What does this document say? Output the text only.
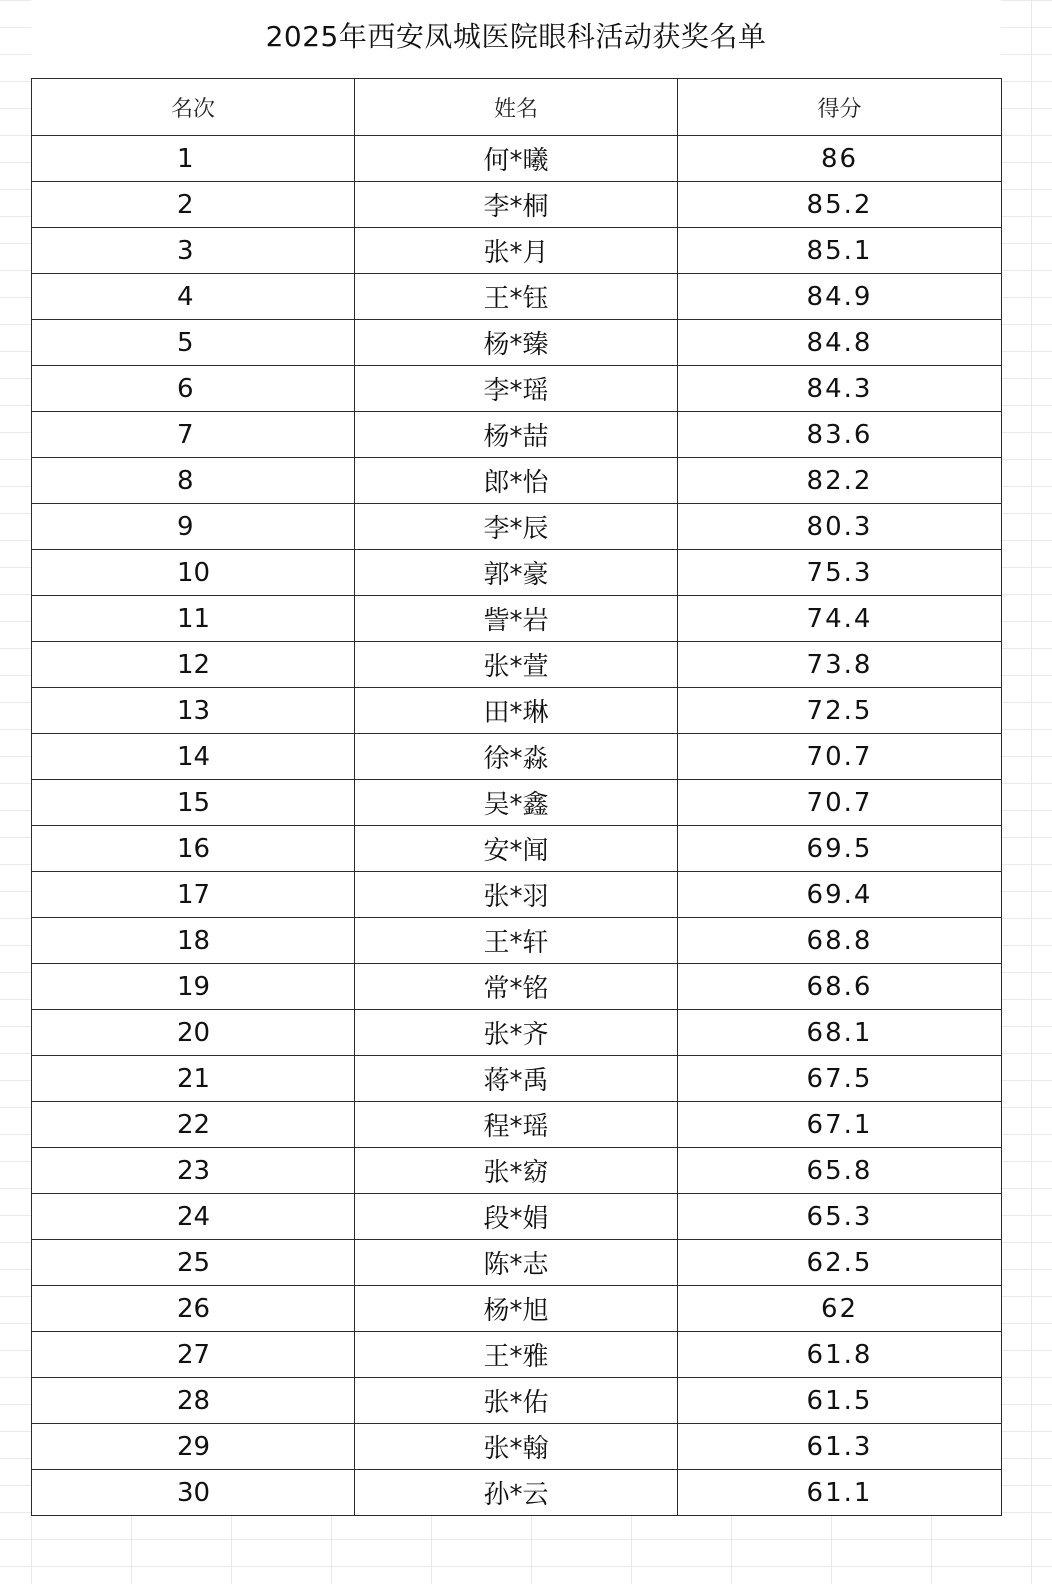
2025年西安凤城医院眼科活动获奖名单
名次	姓名	得分
1	何*曦	86
2	李*桐	85.2
3	张*月	85.1
4	王*钰	84.9
5	杨*臻	84.8
6	李*瑶	84.3
7	杨*喆	83.6
8	郎*怡	82.2
9	李*辰	80.3
10	郭*豪	75.3
11	訾*岩	74.4
12	张*萱	73.8
13	田*琳	72.5
14	徐*淼	70.7
15	吴*鑫	70.7
16	安*闻	69.5
17	张*羽	69.4
18	王*轩	68.8
19	常*铭	68.6
20	张*齐	68.1
21	蒋*禹	67.5
22	程*瑶	67.1
23	张*窈	65.8
24	段*娟	65.3
25	陈*志	62.5
26	杨*旭	62
27	王*雅	61.8
28	张*佑	61.5
29	张*翰	61.3
30	孙*云	61.1
